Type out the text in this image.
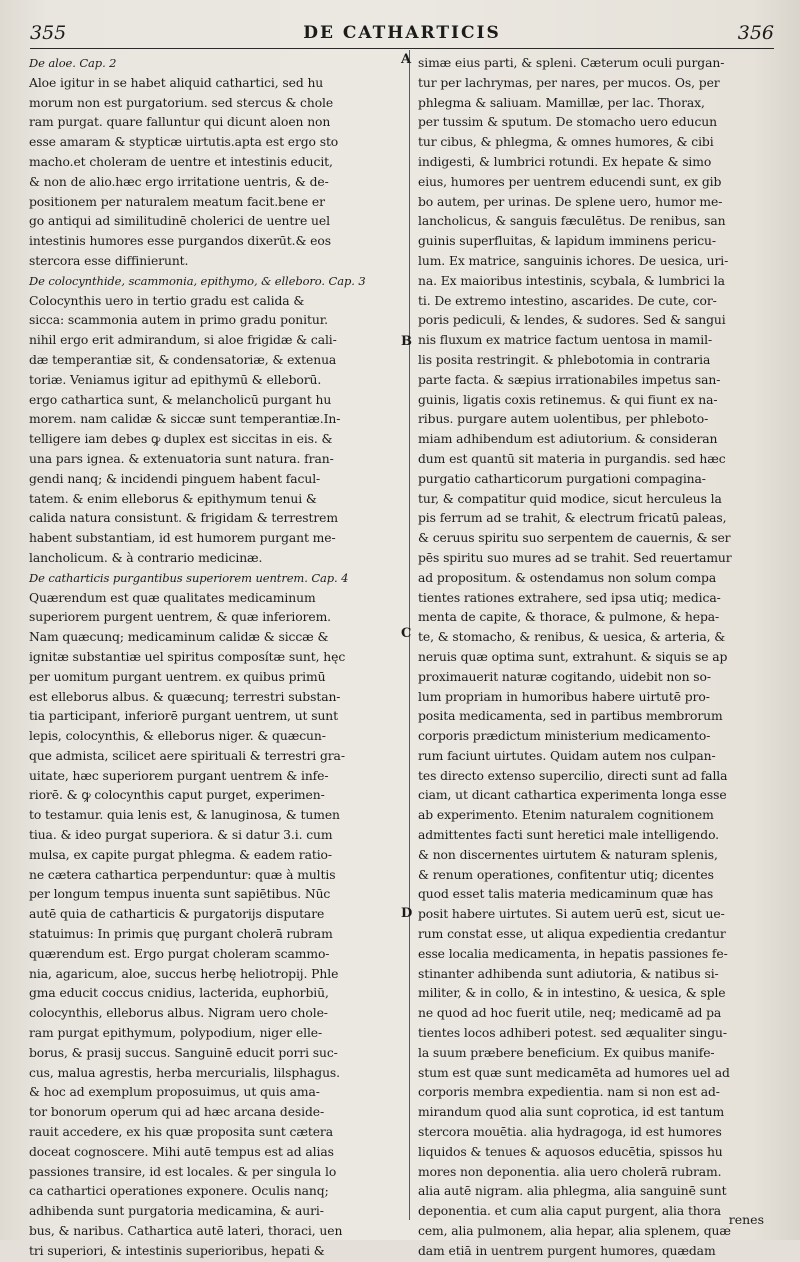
355	DE CATHARTICIS	356
A
B
C
D
De aloe. Cap. 2
Aloe igitur in se habet aliquid cathartici, sed hu
morum non est purgatorium. sed stercus & chole
ram purgat. quare falluntur qui dicunt aloen non
esse amaram & stypticæ uirtutis.apta est ergo sto
macho.et choleram de uentre et intestinis educit,
& non de alio.hæc ergo irritatione uentris, & de-
positionem per naturalem meatum facit.bene er
go antiqui ad similitudinē cholerici de uentre uel
intestinis humores esse purgandos dixerūt.& eos
stercora esse diffinierunt.
De colocynthide, scammonia, epithymo, & elleboro. Cap. 3
Colocynthis uero in tertio gradu est calida &
sicca: scammonia autem in primo gradu ponitur.
nihil ergo erit admirandum, si aloe frigidæ & cali-
dæ temperantiæ sit, & condensatoriæ, & extenua
toriæ. Veniamus igitur ad epithymū & elleborū.
ergo cathartica sunt, & melancholicū purgant hu
morem. nam calidæ & siccæ sunt temperantiæ.In-
telligere iam debes ꝙ duplex est siccitas in eis. &
una pars ignea. & extenuatoria sunt natura. fran-
gendi nanq; & incidendi pinguem habent facul-
tatem. & enim elleborus & epithymum tenui &
calida natura consistunt. & frigidam & terrestrem
habent substantiam, id est humorem purgant me-
lancholicum. & à contrario medicinæ.
De catharticis purgantibus superiorem uentrem. Cap. 4
Quærendum est quæ qualitates medicaminum
superiorem purgent uentrem, & quæ inferiorem.
Nam quæcunq; medicaminum calidæ & siccæ &
ignitæ substantiæ uel spiritus composítæ sunt, hęc
per uomitum purgant uentrem. ex quibus primū
est elleborus albus. & quæcunq; terrestri substan-
tia participant, inferiorē purgant uentrem, ut sunt
lepis, colocynthis, & elleborus niger. & quæcun-
que admista, scilicet aere spirituali & terrestri gra-
uitate, hæc superiorem purgant uentrem & infe-
riorē. & ꝙ colocynthis caput purget, experimen-
to testamur. quia lenis est, & lanuginosa, & tumen
tiua. & ideo purgat superiora. & si datur 3.i. cum
mulsa, ex capite purgat phlegma. & eadem ratio-
ne cætera cathartica perpenduntur: quæ à multis
per longum tempus inuenta sunt sapiētibus. Nūc
autē quia de catharticis & purgatorijs disputare
statuimus: In primis quę purgant cholerā rubram
quærendum est. Ergo purgat choleram scammo-
nia, agaricum, aloe, succus herbę heliotropij. Phle
gma educit coccus cnidius, lacterida, euphorbiū,
colocynthis, elleborus albus. Nigram uero chole-
ram purgat epithymum, polypodium, niger elle-
borus, & prasij succus. Sanguinē educit porri suc-
cus, malua agrestis, herba mercurialis, lilsphagus.
& hoc ad exemplum proposuimus, ut quis ama-
tor bonorum operum qui ad hæc arcana deside-
rauit accedere, ex his quæ proposita sunt cætera
doceat cognoscere. Mihi autē tempus est ad alias
passiones transire, id est locales. & per singula lo
ca cathartici operationes exponere. Oculis nanq;
adhibenda sunt purgatoria medicamina, & auri-
bus, & naribus. Cathartica autē lateri, thoraci, uen
tri superiori, & intestinis superioribus, hepati &
simæ eius parti, & spleni. Cæterum oculi purgan-
tur per lachrymas, per nares, per mucos. Os, per
phlegma & saliuam. Mamillæ, per lac. Thorax,
per tussim & sputum. De stomacho uero educun
tur cibus, & phlegma, & omnes humores, & cibi
indigesti, & lumbrici rotundi. Ex hepate & simo
eius, humores per uentrem educendi sunt, ex gib
bo autem, per urinas. De splene uero, humor me-
lancholicus, & sanguis fæculētus. De renibus, san
guinis superfluitas, & lapidum imminens pericu-
lum. Ex matrice, sanguinis ichores. De uesica, uri-
na. Ex maioribus intestinis, scybala, & lumbrici la
ti. De extremo intestino, ascarides. De cute, cor-
poris pediculi, & lendes, & sudores. Sed & sangui
nis fluxum ex matrice factum uentosa in mamil-
lis posita restringit. & phlebotomia in contraria
parte facta. & sæpius irrationabiles impetus san-
guinis, ligatis coxis retinemus. & qui fiunt ex na-
ribus. purgare autem uolentibus, per phleboto-
miam adhibendum est adiutorium. & consideran
dum est quantū sit materia in purgandis. sed hæc
purgatio catharticorum purgationi compagina-
tur, & compatitur quid modice, sicut herculeus la
pis ferrum ad se trahit, & electrum fricatū paleas,
& ceruus spiritu suo serpentem de cauernis, & ser
pēs spiritu suo mures ad se trahit. Sed reuertamur
ad propositum. & ostendamus non solum compa
tientes rationes extrahere, sed ipsa utiq; medica-
menta de capite, & thorace, & pulmone, & hepa-
te, & stomacho, & renibus, & uesica, & arteria, &
neruis quæ optima sunt, extrahunt. & siquis se ap
proximauerit naturæ cogitando, uidebit non so-
lum propriam in humoribus habere uirtutē pro-
posita medicamenta, sed in partibus membrorum
corporis prædictum ministerium medicamento-
rum faciunt uirtutes. Quidam autem nos culpan-
tes directo extenso supercilio, directi sunt ad falla
ciam, ut dicant cathartica experimenta longa esse
ab experimento. Etenim naturalem cognitionem
admittentes facti sunt heretici male intelligendo.
& non discernentes uirtutem & naturam splenis,
& renum operationes, confitentur utiq; dicentes
quod esset talis materia medicaminum quæ has
posit habere uirtutes. Si autem uerū est, sicut ue-
rum constat esse, ut aliqua expedientia credantur
esse localia medicamenta, in hepatis passiones fe-
stinanter adhibenda sunt adiutoria, & natibus si-
militer, & in collo, & in intestino, & uesica, & sple
ne quod ad hoc fuerit utile, neq; medicamē ad pa
tientes locos adhiberi potest. sed æqualiter singu-
la suum præbere beneficium. Ex quibus manife-
stum est quæ sunt medicamēta ad humores uel ad
corporis membra expedientia. nam si non est ad-
mirandum quod alia sunt coprotica, id est tantum
stercora mouētia. alia hydragoga, id est humores
liquidos & tenues & aquosos educētia, spissos hu
mores non deponentia. alia uero cholerā rubram.
alia autē nigram. alia phlegma, alia sanguinē sunt
deponentia. et cum alia caput purgent, alia thora
cem, alia pulmonem, alia hepar, alia splenem, quæ
dam etiā in uentrem purgent humores, quædam
renes
